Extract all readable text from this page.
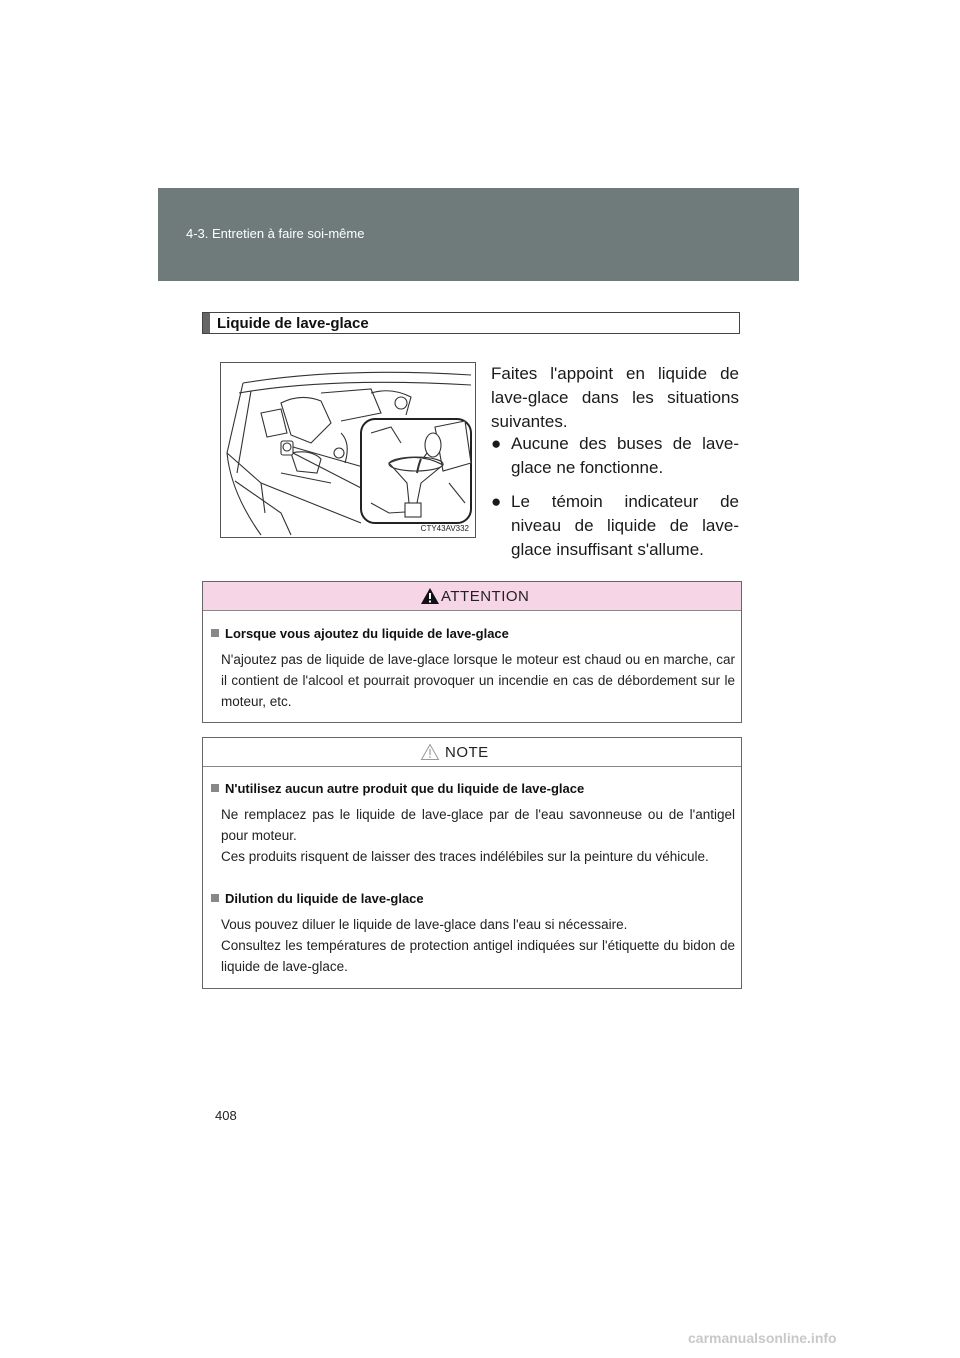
4-3. Entretien à faire soi-même
Liquide de lave-glace
CTY43AV332
Faites l'appoint en liquide de lave-glace dans les situations suivantes.
● Aucune des buses de lave-glace ne fonctionne.
● Le témoin indicateur de niveau de liquide de lave-glace insuffisant s'allume.
ATTENTION
Lorsque vous ajoutez du liquide de lave-glace

N'ajoutez pas de liquide de lave-glace lorsque le moteur est chaud ou en marche, car il contient de l'alcool et pourrait provoquer un incendie en cas de débordement sur le moteur, etc.

NOTE
N'utilisez aucun autre produit que du liquide de lave-glace

Ne remplacez pas le liquide de lave-glace par de l'eau savonneuse ou de l'antigel pour moteur.

Ces produits risquent de laisser des traces indélébiles sur la peinture du véhicule.

Dilution du liquide de lave-glace

Vous pouvez diluer le liquide de lave-glace dans l'eau si nécessaire.

Consultez les températures de protection antigel indiquées sur l'étiquette du bidon de liquide de lave-glace.

408
carmanualsonline.info
